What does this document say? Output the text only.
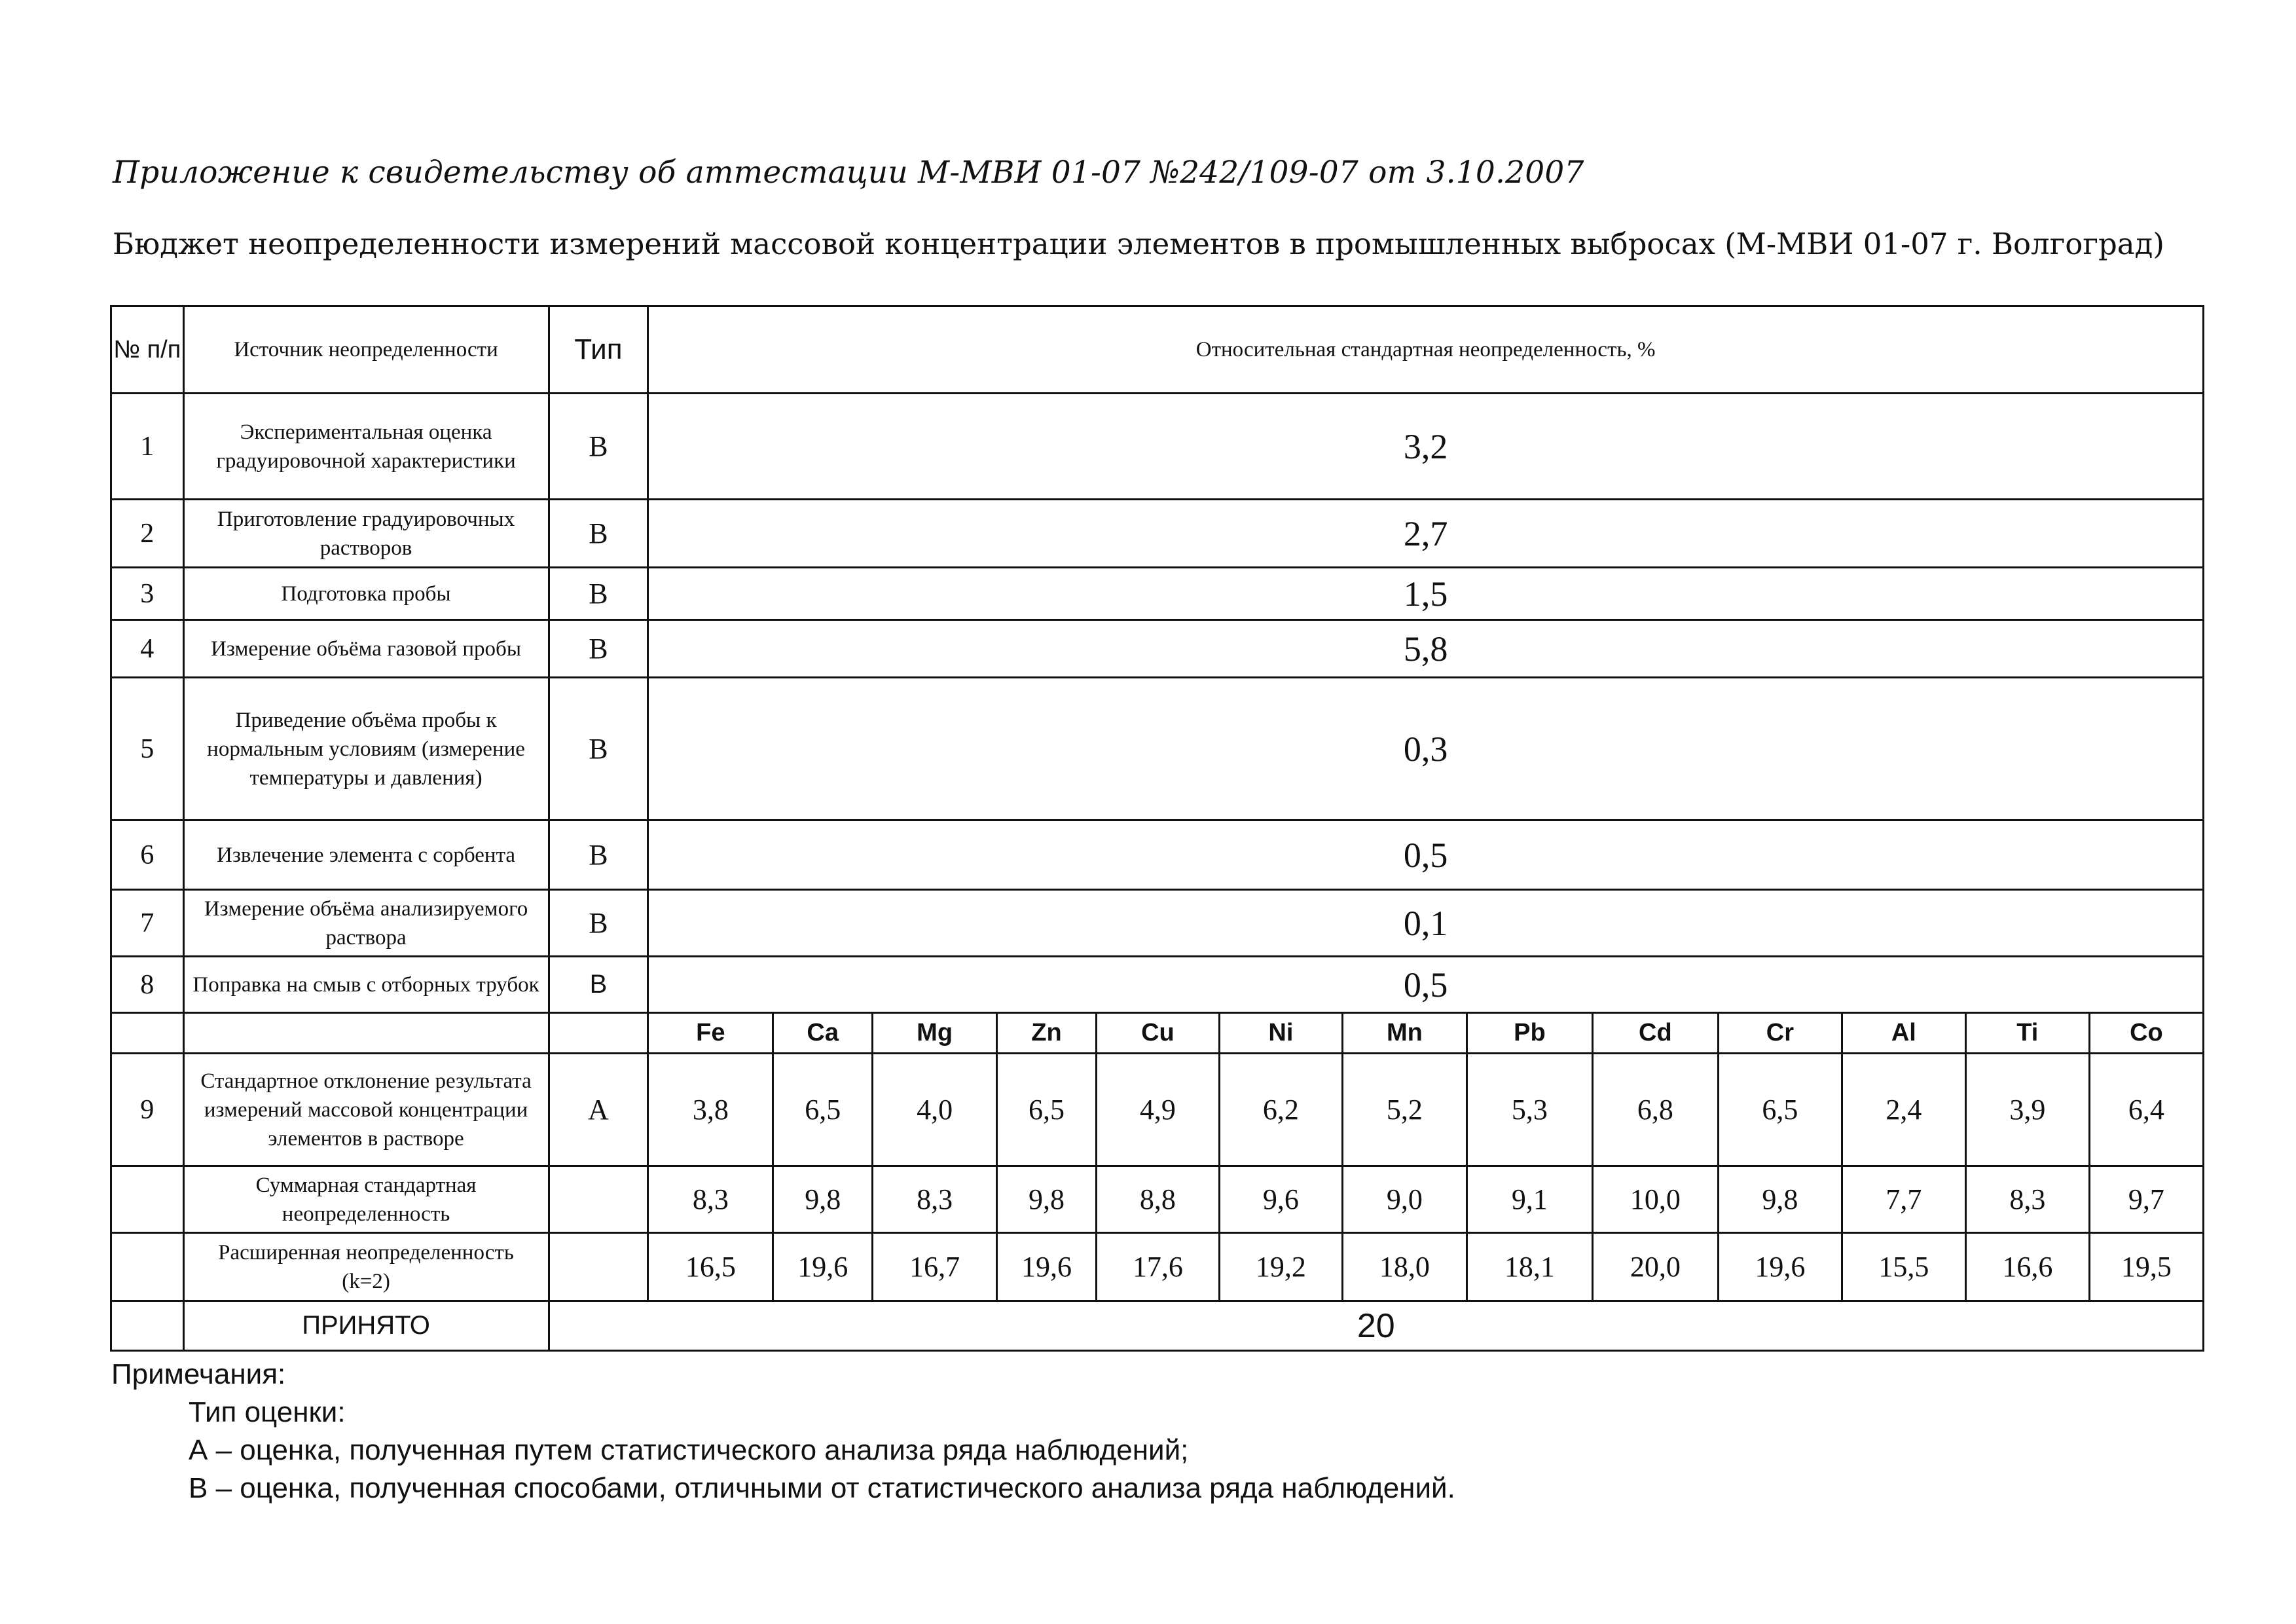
Приложение к свидетельству об аттестации М-МВИ 01-07 №242/109-07 от 3.10.2007
Бюджет неопределенности измерений массовой концентрации элементов в промышленных выбросах (М-МВИ 01-07 г. Волгоград)
№ п/п	Источник неопределенности	Тип	Относительная стандартная неопределенность, %												
1	Экспериментальная оценка градуировочной характеристики	В	3,2												
2	Приготовление градуировочных растворов	В	2,7												
3	Подготовка пробы	В	1,5												
4	Измерение объёма газовой пробы	В	5,8												
5	Приведение объёма пробы к нормальным условиям (измерение температуры и давления)	В	0,3												
6	Извлечение элемента с сорбента	В	0,5												
7	Измерение объёма анализируемого раствора	В	0,1												
8	Поправка на смыв с отборных трубок	В	0,5												
			Fe	Ca	Mg	Zn	Cu	Ni	Mn	Pb	Cd	Cr	Al	Ti	Co
9	Стандартное отклонение результата измерений массовой концентрации элементов в растворе	А	3,8	6,5	4,0	6,5	4,9	6,2	5,2	5,3	6,8	6,5	2,4	3,9	6,4
	Суммарная стандартная неопределенность		8,3	9,8	8,3	9,8	8,8	9,6	9,0	9,1	10,0	9,8	7,7	8,3	9,7
	Расширенная неопределенность (k=2)		16,5	19,6	16,7	19,6	17,6	19,2	18,0	18,1	20,0	19,6	15,5	16,6	19,5
	ПРИНЯТО	20													
Примечания:
Тип оценки:
А – оценка, полученная путем статистического анализа ряда наблюдений;
В – оценка, полученная способами, отличными от статистического анализа ряда наблюдений.
